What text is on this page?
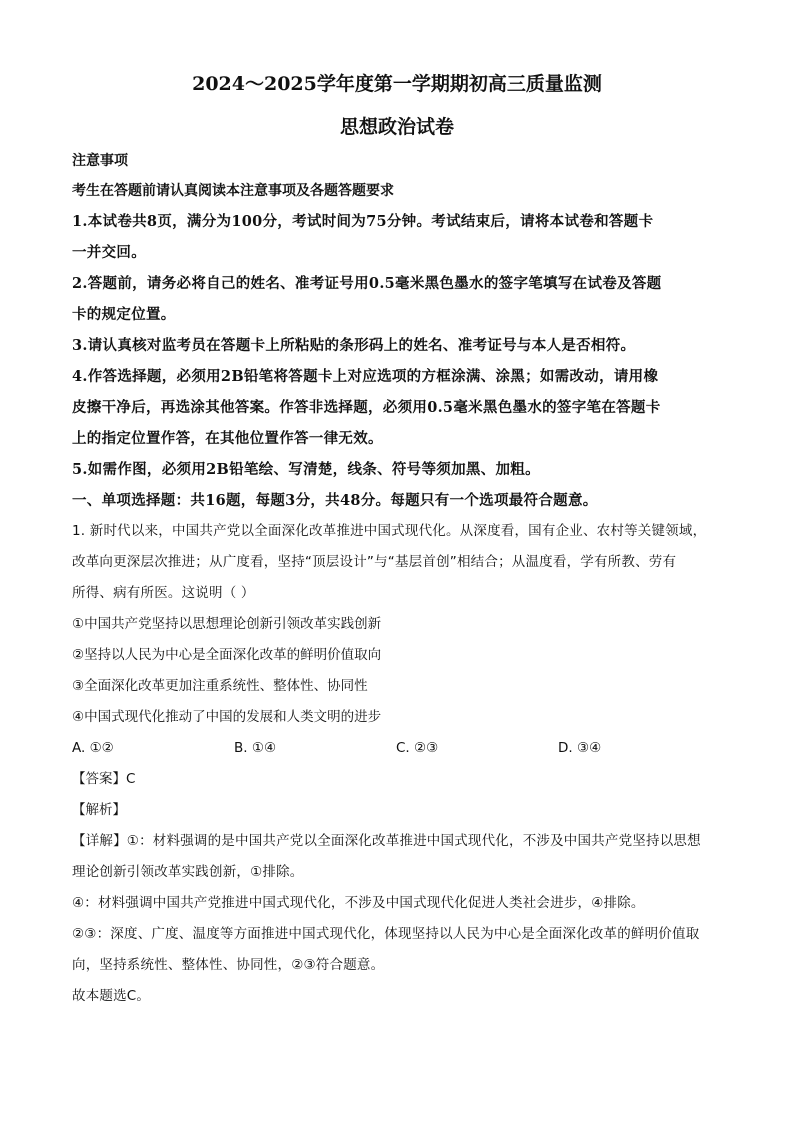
2024～2025学年度第一学期期初高三质量监测
思想政治试卷

注意事项

考生在答题前请认真阅读本注意事项及各题答题要求

1.本试卷共8页，满分为100分，考试时间为75分钟。考试结束后，请将本试卷和答题卡

一并交回。

2.答题前，请务必将自己的姓名、准考证号用0.5毫米黑色墨水的签字笔填写在试卷及答题

卡的规定位置。

3.请认真核对监考员在答题卡上所粘贴的条形码上的姓名、准考证号与本人是否相符。

4.作答选择题，必须用2B铅笔将答题卡上对应选项的方框涂满、涂黑；如需改动，请用橡

皮擦干净后，再选涂其他答案。作答非选择题，必须用0.5毫米黑色墨水的签字笔在答题卡

上的指定位置作答，在其他位置作答一律无效。

5.如需作图，必须用2B铅笔绘、写清楚，线条、符号等须加黑、加粗。

一、单项选择题：共16题，每题3分，共48分。每题只有一个选项最符合题意。

1. 新时代以来，中国共产党以全面深化改革推进中国式现代化。从深度看，国有企业、农村等关键领域，

改革向更深层次推进；从广度看，坚持“顶层设计”与“基层首创”相结合；从温度看，学有所教、劳有

所得、病有所医。这说明（ ）

①中国共产党坚持以思想理论创新引领改革实践创新

②坚持以人民为中心是全面深化改革的鲜明价值取向

③全面深化改革更加注重系统性、整体性、协同性

④中国式现代化推动了中国的发展和人类文明的进步

A. ①②	B. ①④	C. ②③	D. ③④

【答案】C

【解析】

【详解】①：材料强调的是中国共产党以全面深化改革推进中国式现代化，不涉及中国共产党坚持以思想

理论创新引领改革实践创新，①排除。

④：材料强调中国共产党推进中国式现代化，不涉及中国式现代化促进人类社会进步，④排除。

②③：深度、广度、温度等方面推进中国式现代化，体现坚持以人民为中心是全面深化改革的鲜明价值取

向，坚持系统性、整体性、协同性，②③符合题意。

故本题选C。
